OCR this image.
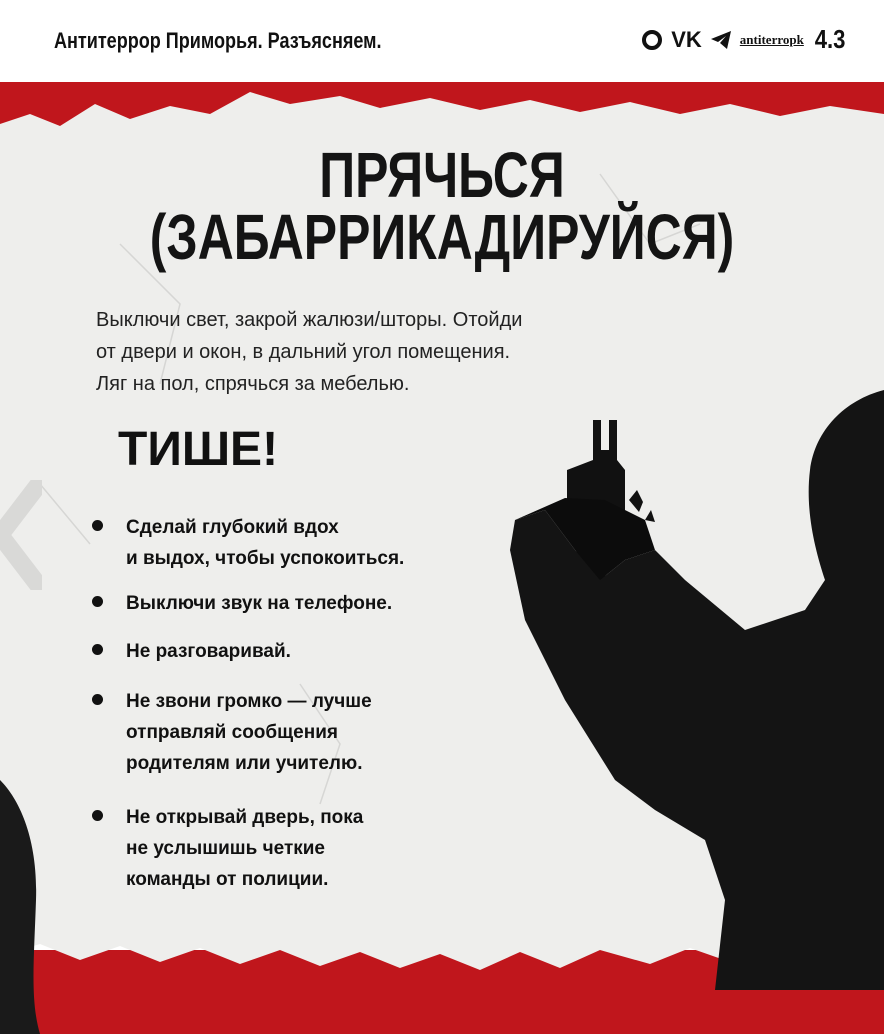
Антитеррор Приморья. Разъясняем.	VK	antiterropk 4.3
ПРЯЧЬСЯ
(ЗАБАРРИКАДИРУЙСЯ)
Выключи свет, закрой жалюзи/шторы. Отойди
от двери и окон, в дальний угол помещения.
Ляг на пол, спрячься за мебелью.
ТИШЕ!
Сделай глубокий вдох
и выдох, чтобы успокоиться.
Выключи звук на телефоне.
Не разговаривай.
Не звони громко — лучше
отправляй сообщения
родителям или учителю.
Не открывай дверь, пока
не услышишь четкие
команды от полиции.
